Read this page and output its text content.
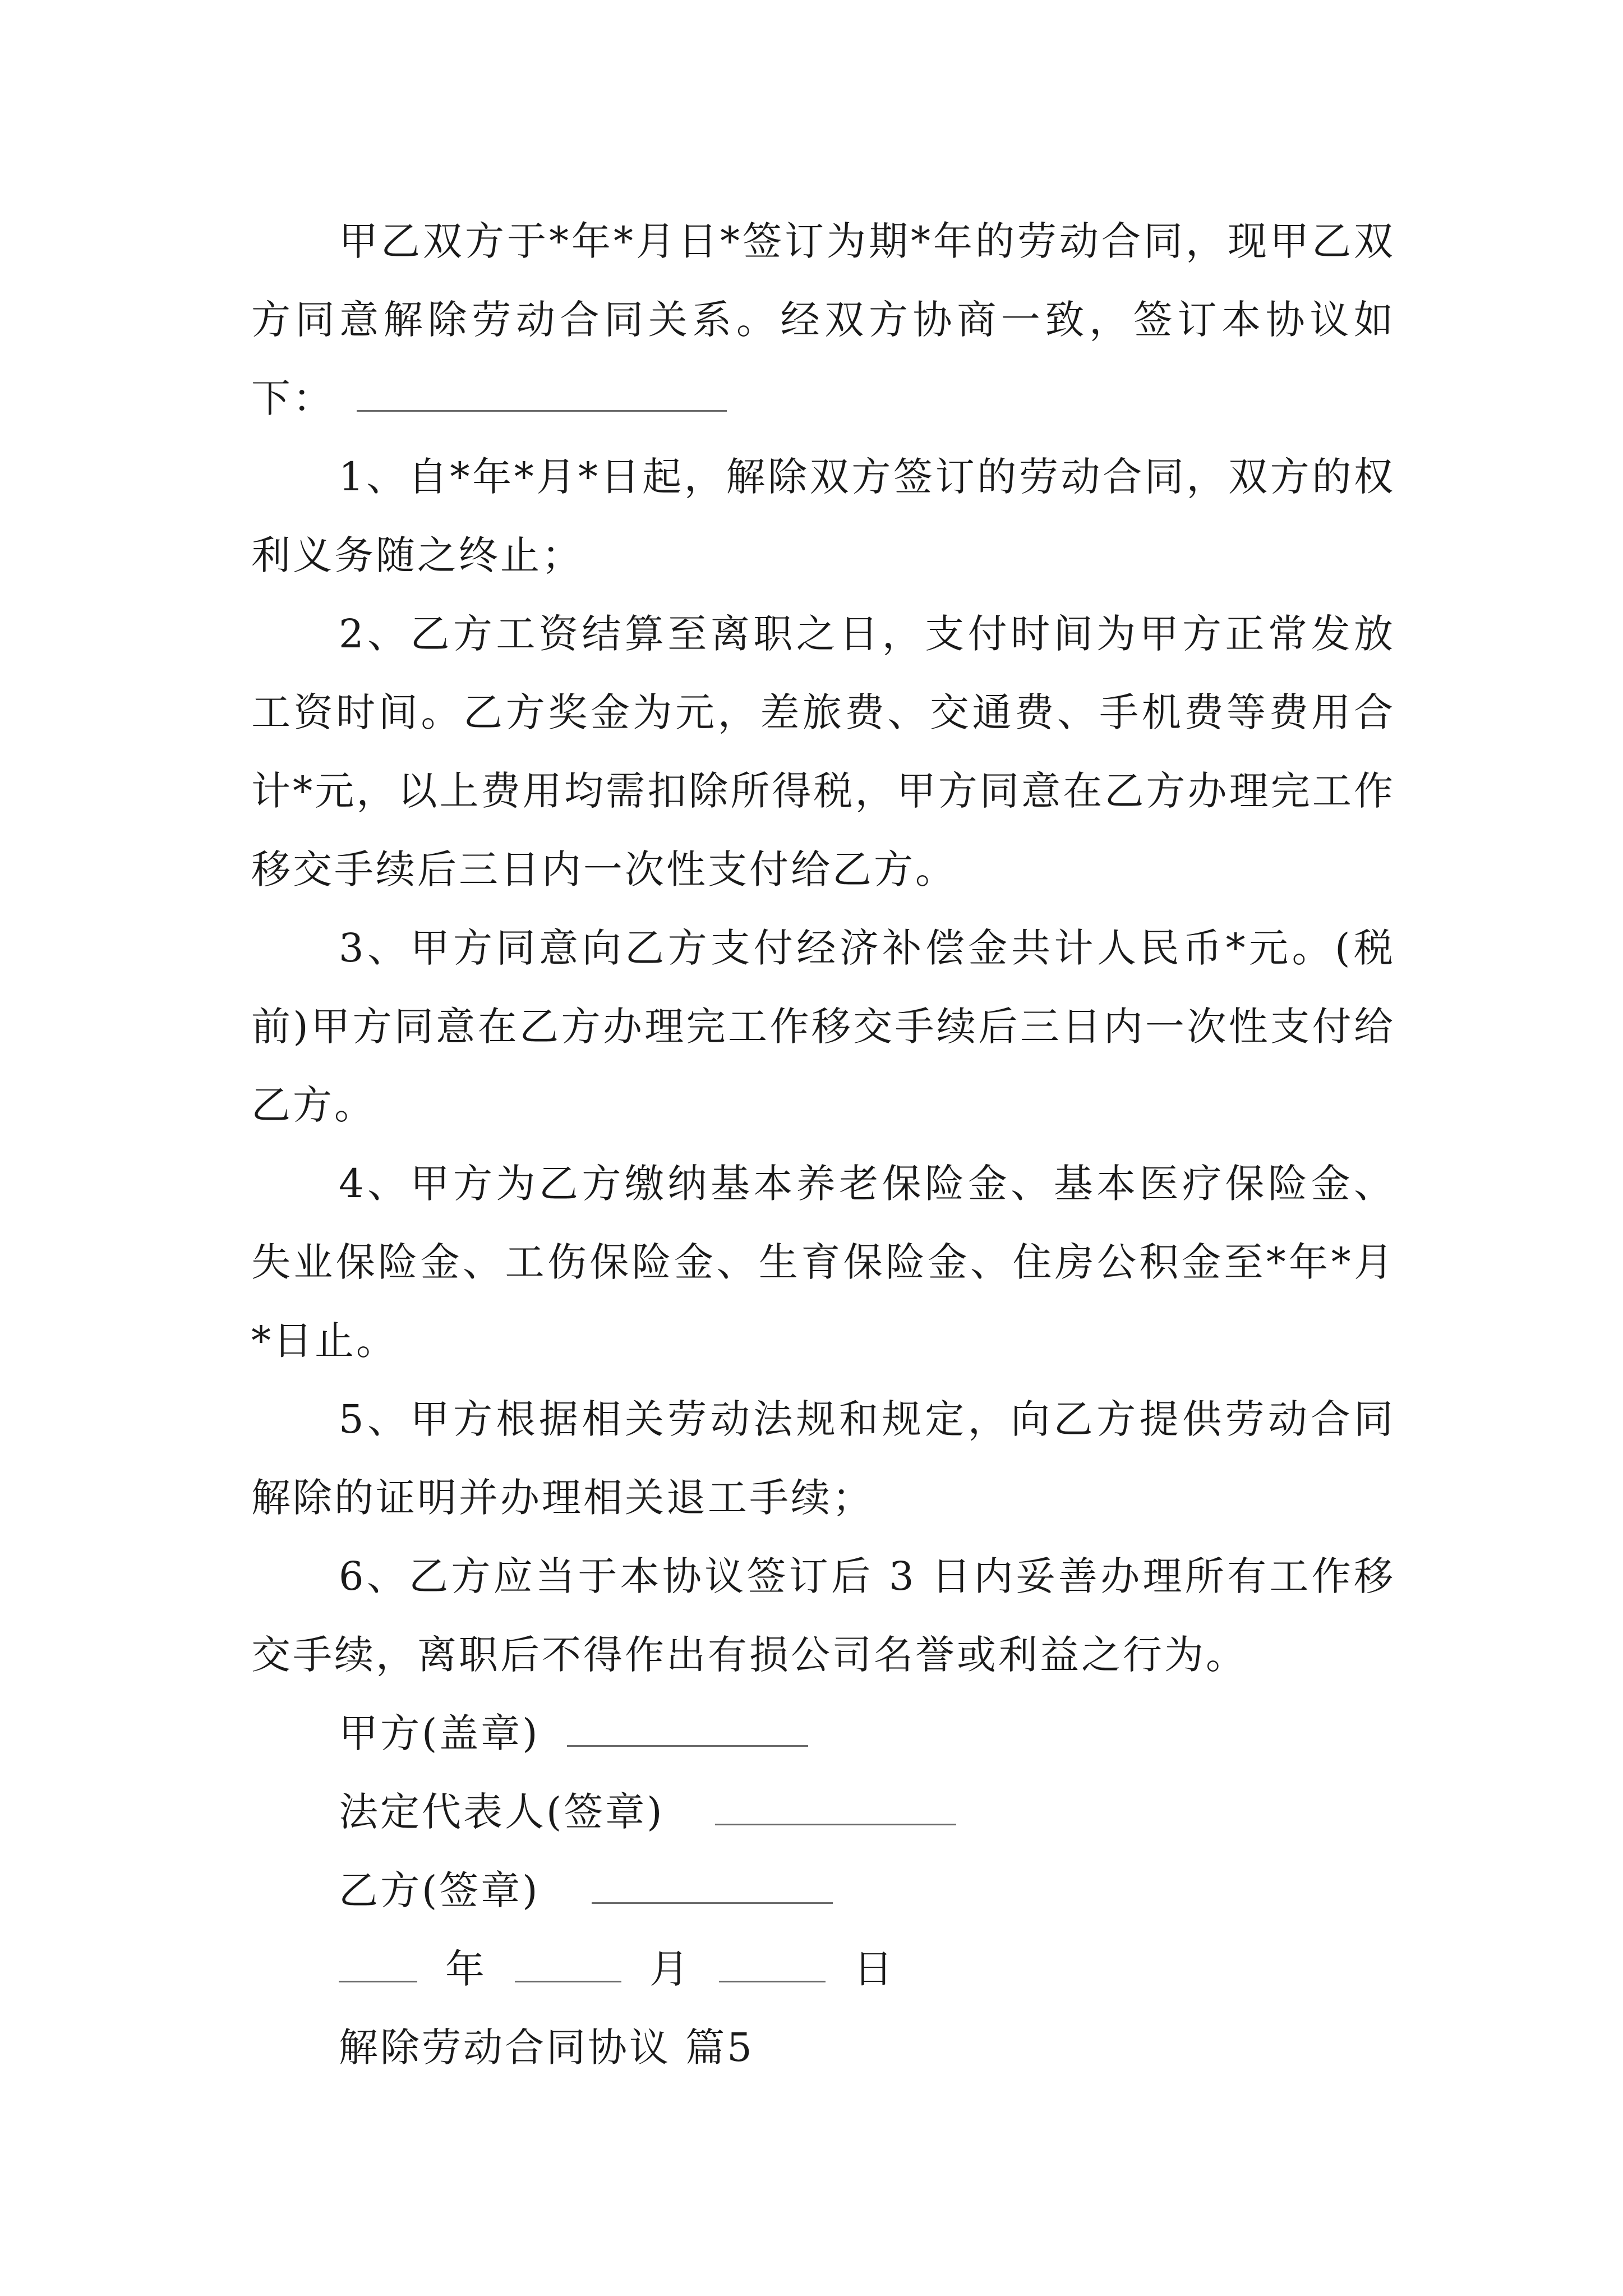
甲乙双方于*年*月日*签订为期*年的劳动合同，现甲乙双方同意解除劳动合同关系。经双方协商一致，签订本协议如下：

1、自*年*月*日起，解除双方签订的劳动合同，双方的权利义务随之终止；

2、乙方工资结算至离职之日，支付时间为甲方正常发放工资时间。乙方奖金为元，差旅费、交通费、手机费等费用合计*元，以上费用均需扣除所得税，甲方同意在乙方办理完工作移交手续后三日内一次性支付给乙方。

3、甲方同意向乙方支付经济补偿金共计人民币*元。(税前)甲方同意在乙方办理完工作移交手续后三日内一次性支付给乙方。

4、甲方为乙方缴纳基本养老保险金、基本医疗保险金、失业保险金、工伤保险金、生育保险金、住房公积金至*年*月*日止。

5、甲方根据相关劳动法规和规定，向乙方提供劳动合同解除的证明并办理相关退工手续；

6、乙方应当于本协议签订后 3 日内妥善办理所有工作移交手续，离职后不得作出有损公司名誉或利益之行为。

甲方(盖章)

法定代表人(签章)

乙方(签章)

年	月	日

解除劳动合同协议 篇5
